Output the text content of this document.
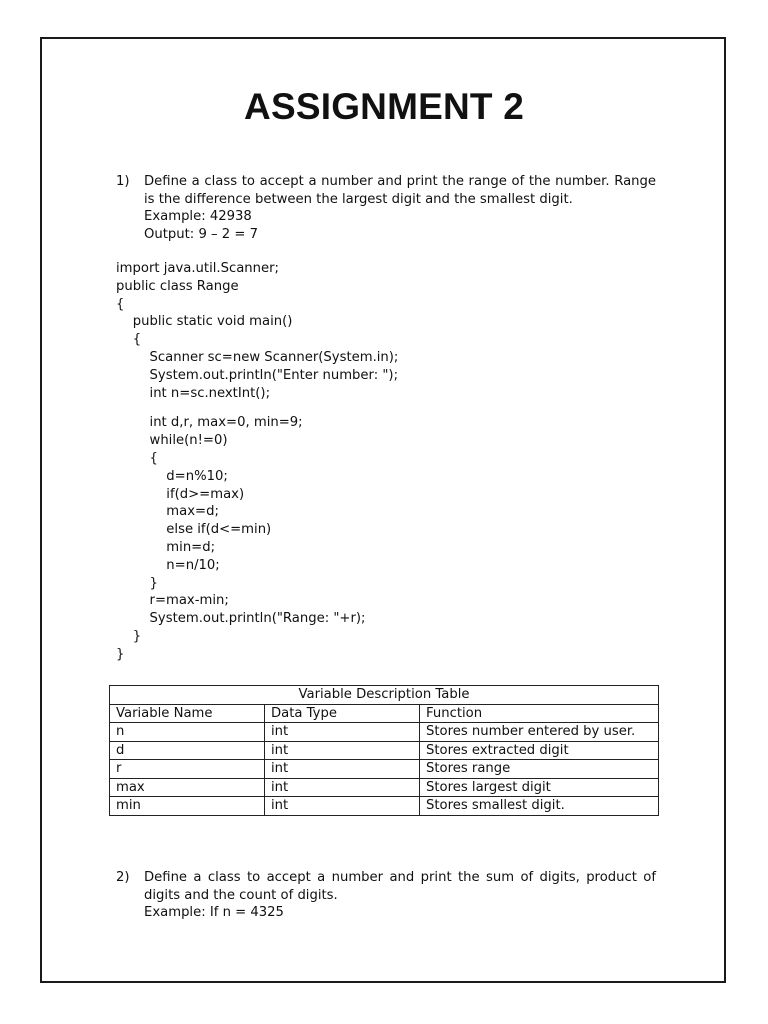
ASSIGNMENT 2
1) Define a class to accept a number and print the range of the number. Range is the difference between the largest digit and the smallest digit.
Example: 42938
Output: 9 – 2 = 7
import java.util.Scanner;
public class Range
{
public static void main()
{
Scanner sc=new Scanner(System.in);
System.out.println("Enter number: ");
int n=sc.nextInt();
int d,r, max=0, min=9;
while(n!=0)
{
d=n%10;
if(d>=max)
max=d;
else if(d<=min)
min=d;
n=n/10;
}
r=max-min;
System.out.println("Range: "+r);
}
}
Variable Description Table		
Variable Name	Data Type	Function
n	int	Stores number entered by user.
d	int	Stores extracted digit
r	int	Stores range
max	int	Stores largest digit
min	int	Stores smallest digit.
2) Define a class to accept a number and print the sum of digits, product of digits and the count of digits.
Example: If n = 4325
